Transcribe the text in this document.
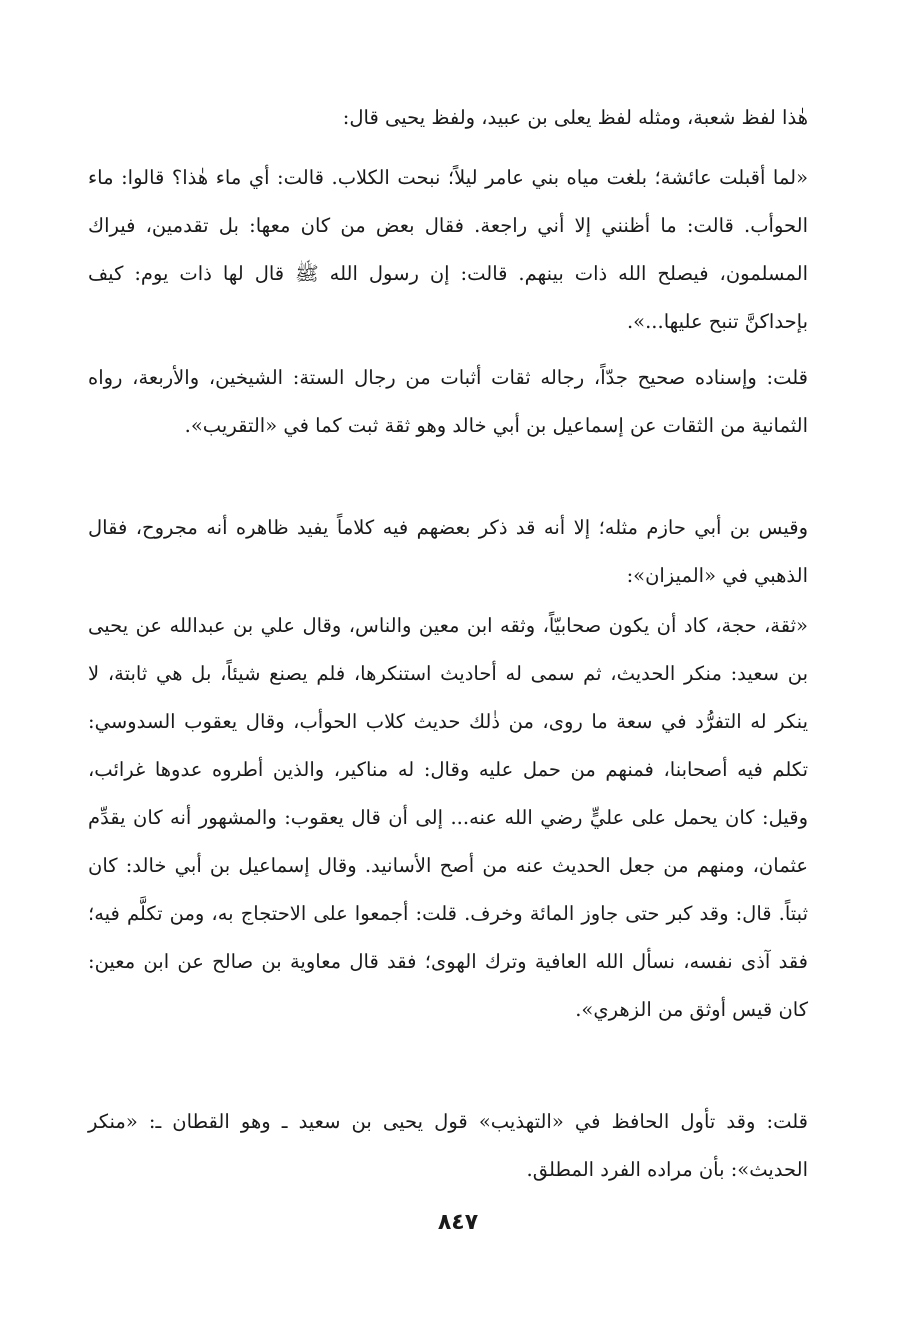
هٰذا لفظ شعبة، ومثله لفظ يعلى بن عبيد، ولفظ يحيى قال:

«لما أقبلت عائشة؛ بلغت مياه بني عامر ليلاً؛ نبحت الكلاب. قالت: أي ماء هٰذا؟ قالوا: ماء الحوأب. قالت: ما أظنني إلا أني راجعة. فقال بعض من كان معها: بل تقدمين، فيراك المسلمون، فيصلح الله ذات بينهم. قالت: إن رسول الله ﷺ قال لها ذات يوم: كيف بإحداكنَّ تنبح عليها...».

قلت: وإسناده صحيح جدّاً، رجاله ثقات أثبات من رجال الستة: الشيخين، والأربعة، رواه الثمانية من الثقات عن إسماعيل بن أبي خالد وهو ثقة ثبت كما في «التقريب».

وقيس بن أبي حازم مثله؛ إلا أنه قد ذكر بعضهم فيه كلاماً يفيد ظاهره أنه مجروح، فقال الذهبي في «الميزان»:

«ثقة، حجة، كاد أن يكون صحابيّاً، وثقه ابن معين والناس، وقال علي بن عبدالله عن يحيى بن سعيد: منكر الحديث، ثم سمى له أحاديث استنكرها، فلم يصنع شيئاً، بل هي ثابتة، لا ينكر له التفرُّد في سعة ما روى، من ذٰلك حديث كلاب الحوأب، وقال يعقوب السدوسي: تكلم فيه أصحابنا، فمنهم من حمل عليه وقال: له مناكير، والذين أطروه عدوها غرائب، وقيل: كان يحمل على عليٍّ رضي الله عنه... إلى أن قال يعقوب: والمشهور أنه كان يقدِّم عثمان، ومنهم من جعل الحديث عنه من أصح الأسانيد. وقال إسماعيل بن أبي خالد: كان ثبتاً. قال: وقد كبر حتى جاوز المائة وخرف. قلت: أجمعوا على الاحتجاج به، ومن تكلَّم فيه؛ فقد آذى نفسه، نسأل الله العافية وترك الهوى؛ فقد قال معاوية بن صالح عن ابن معين: كان قيس أوثق من الزهري».

قلت: وقد تأول الحافظ في «التهذيب» قول يحيى بن سعيد ـ وهو القطان ـ: «منكر الحديث»: بأن مراده الفرد المطلق.

٨٤٧
